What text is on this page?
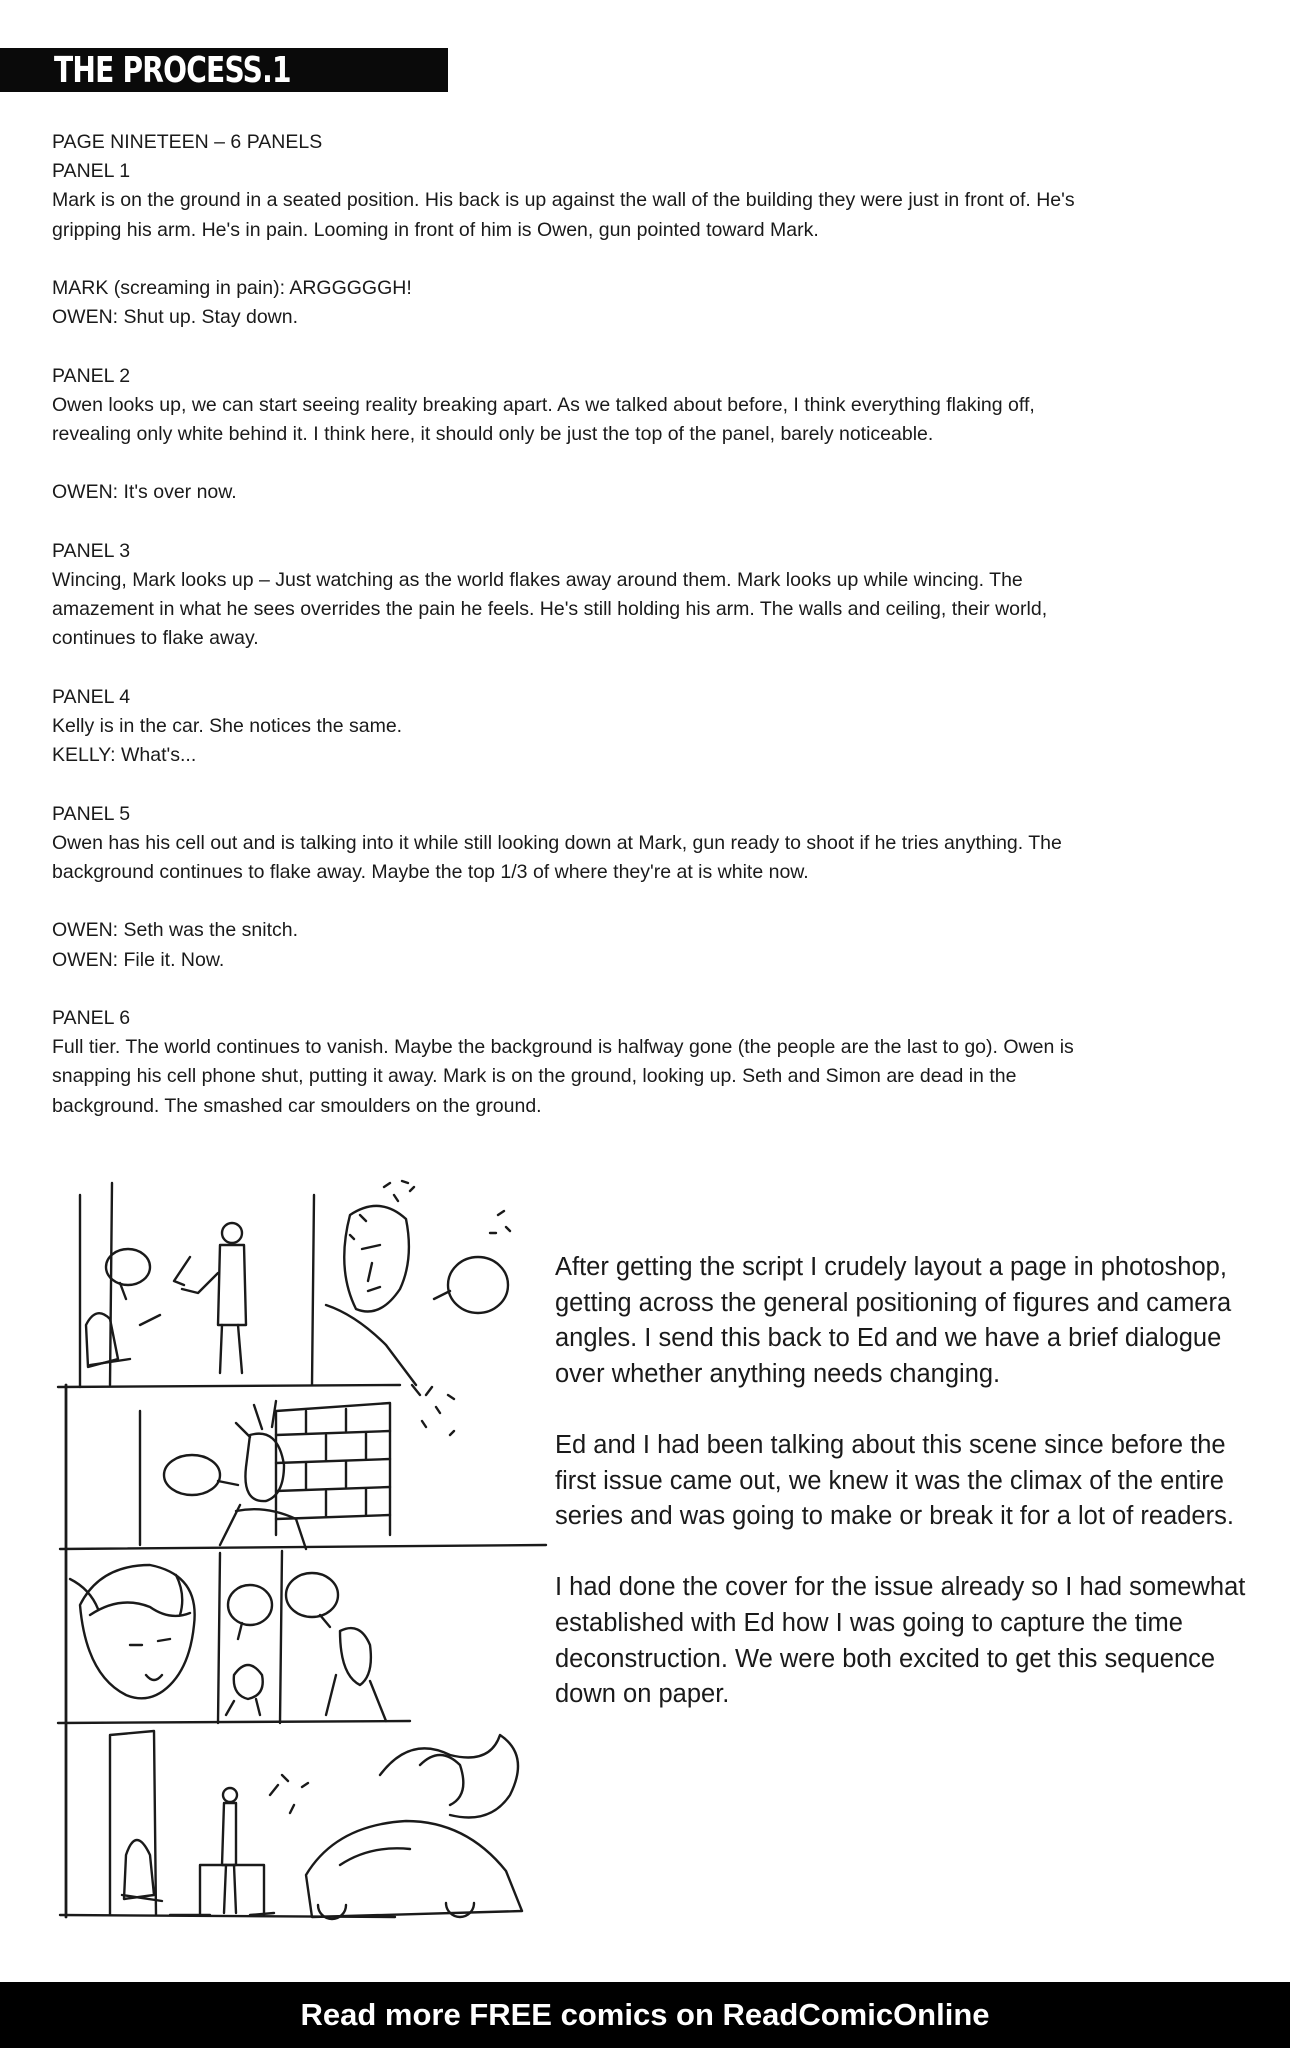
THE PROCESS.1
PAGE NINETEEN – 6 PANELS
PANEL 1
Mark is on the ground in a seated position. His back is up against the wall of the building they were just in front of. He's
gripping his arm. He's in pain. Looming in front of him is Owen, gun pointed toward Mark.
MARK (screaming in pain): ARGGGGGH!
OWEN: Shut up. Stay down.
PANEL 2
Owen looks up, we can start seeing reality breaking apart. As we talked about before, I think everything flaking off,
revealing only white behind it. I think here, it should only be just the top of the panel, barely noticeable.
OWEN: It's over now.
PANEL 3
Wincing, Mark looks up – Just watching as the world flakes away around them. Mark looks up while wincing. The
amazement in what he sees overrides the pain he feels. He's still holding his arm. The walls and ceiling, their world,
continues to flake away.
PANEL 4
Kelly is in the car. She notices the same.
KELLY: What's...
PANEL 5
Owen has his cell out and is talking into it while still looking down at Mark, gun ready to shoot if he tries anything. The
background continues to flake away. Maybe the top 1/3 of where they're at is white now.
OWEN: Seth was the snitch.
OWEN: File it. Now.
PANEL 6
Full tier. The world continues to vanish. Maybe the background is halfway gone (the people are the last to go). Owen is
snapping his cell phone shut, putting it away. Mark is on the ground, looking up. Seth and Simon are dead in the
background. The smashed car smoulders on the ground.

After getting the script I crudely layout a page in photoshop, getting across the general positioning of figures and camera angles. I send this back to Ed and we have a brief dialogue over whether anything needs changing.

Ed and I had been talking about this scene since before the first issue came out, we knew it was the climax of the entire series and was going to make or break it for a lot of readers.

I had done the cover for the issue already so I had somewhat established with Ed how I was going to capture the time deconstruction. We were both excited to get this sequence down on paper.

Read more FREE comics on ReadComicOnline
